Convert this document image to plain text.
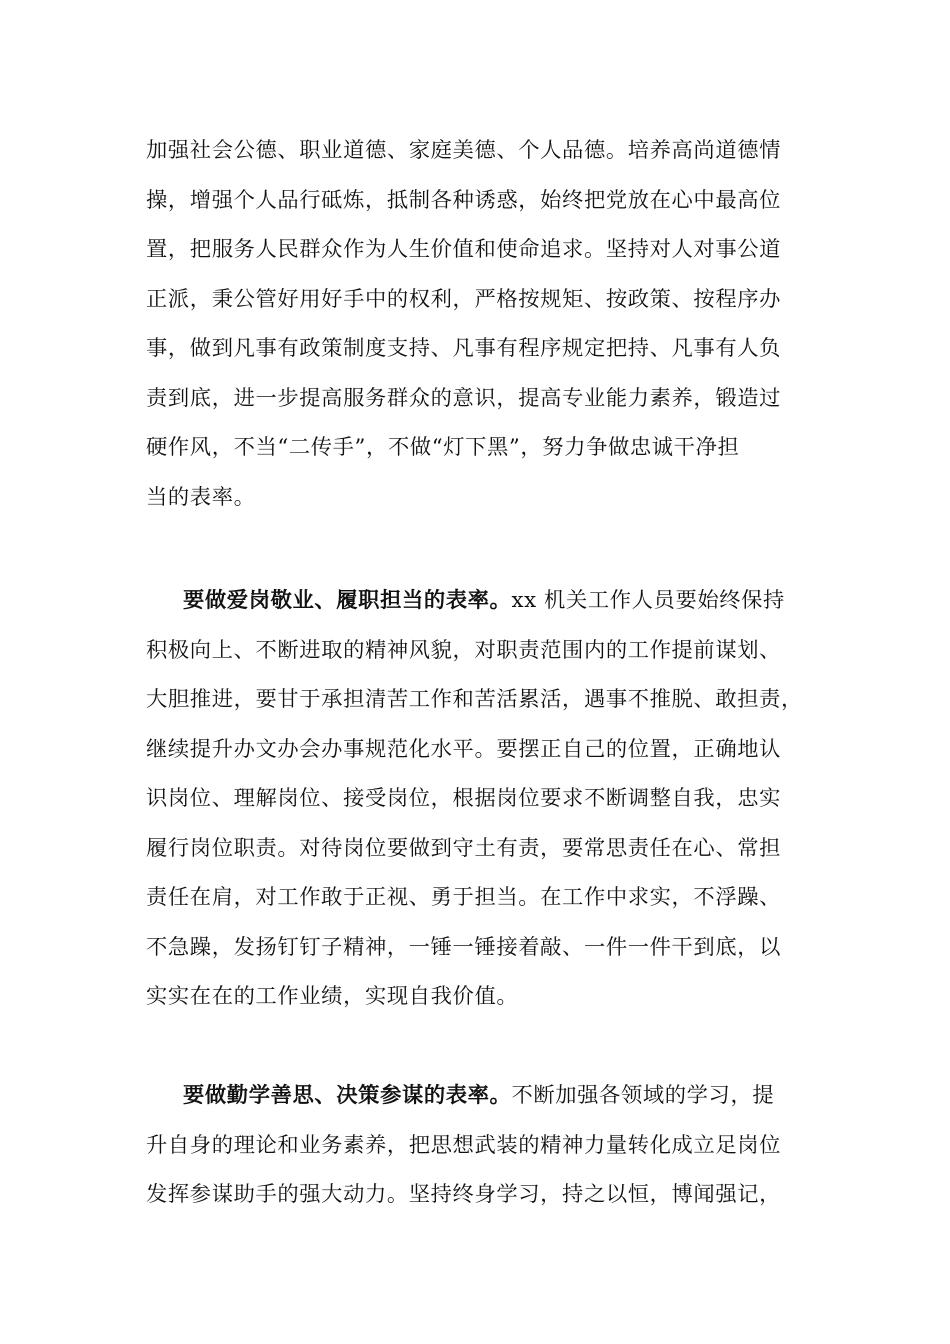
加强社会公德、职业道德、家庭美德、个人品德。培养高尚道德情
操，增强个人品行砥炼，抵制各种诱惑，始终把党放在心中最高位
置，把服务人民群众作为人生价值和使命追求。坚持对人对事公道
正派，秉公管好用好手中的权利，严格按规矩、按政策、按程序办
事，做到凡事有政策制度支持、凡事有程序规定把持、凡事有人负
责到底，进一步提高服务群众的意识，提高专业能力素养，锻造过
硬作风，不当“二传手”，不做“灯下黑”，努力争做忠诚干净担
当的表率。
要做爱岗敬业、履职担当的表率。xx 机关工作人员要始终保持
积极向上、不断进取的精神风貌，对职责范围内的工作提前谋划、
大胆推进，要甘于承担清苦工作和苦活累活，遇事不推脱、敢担责，
继续提升办文办会办事规范化水平。要摆正自己的位置，正确地认
识岗位、理解岗位、接受岗位，根据岗位要求不断调整自我，忠实
履行岗位职责。对待岗位要做到守土有责，要常思责任在心、常担
责任在肩，对工作敢于正视、勇于担当。在工作中求实，不浮躁、
不急躁，发扬钉钉子精神，一锤一锤接着敲、一件一件干到底，以
实实在在的工作业绩，实现自我价值。
要做勤学善思、决策参谋的表率。不断加强各领域的学习，提
升自身的理论和业务素养，把思想武装的精神力量转化成立足岗位
发挥参谋助手的强大动力。坚持终身学习，持之以恒，博闻强记，
